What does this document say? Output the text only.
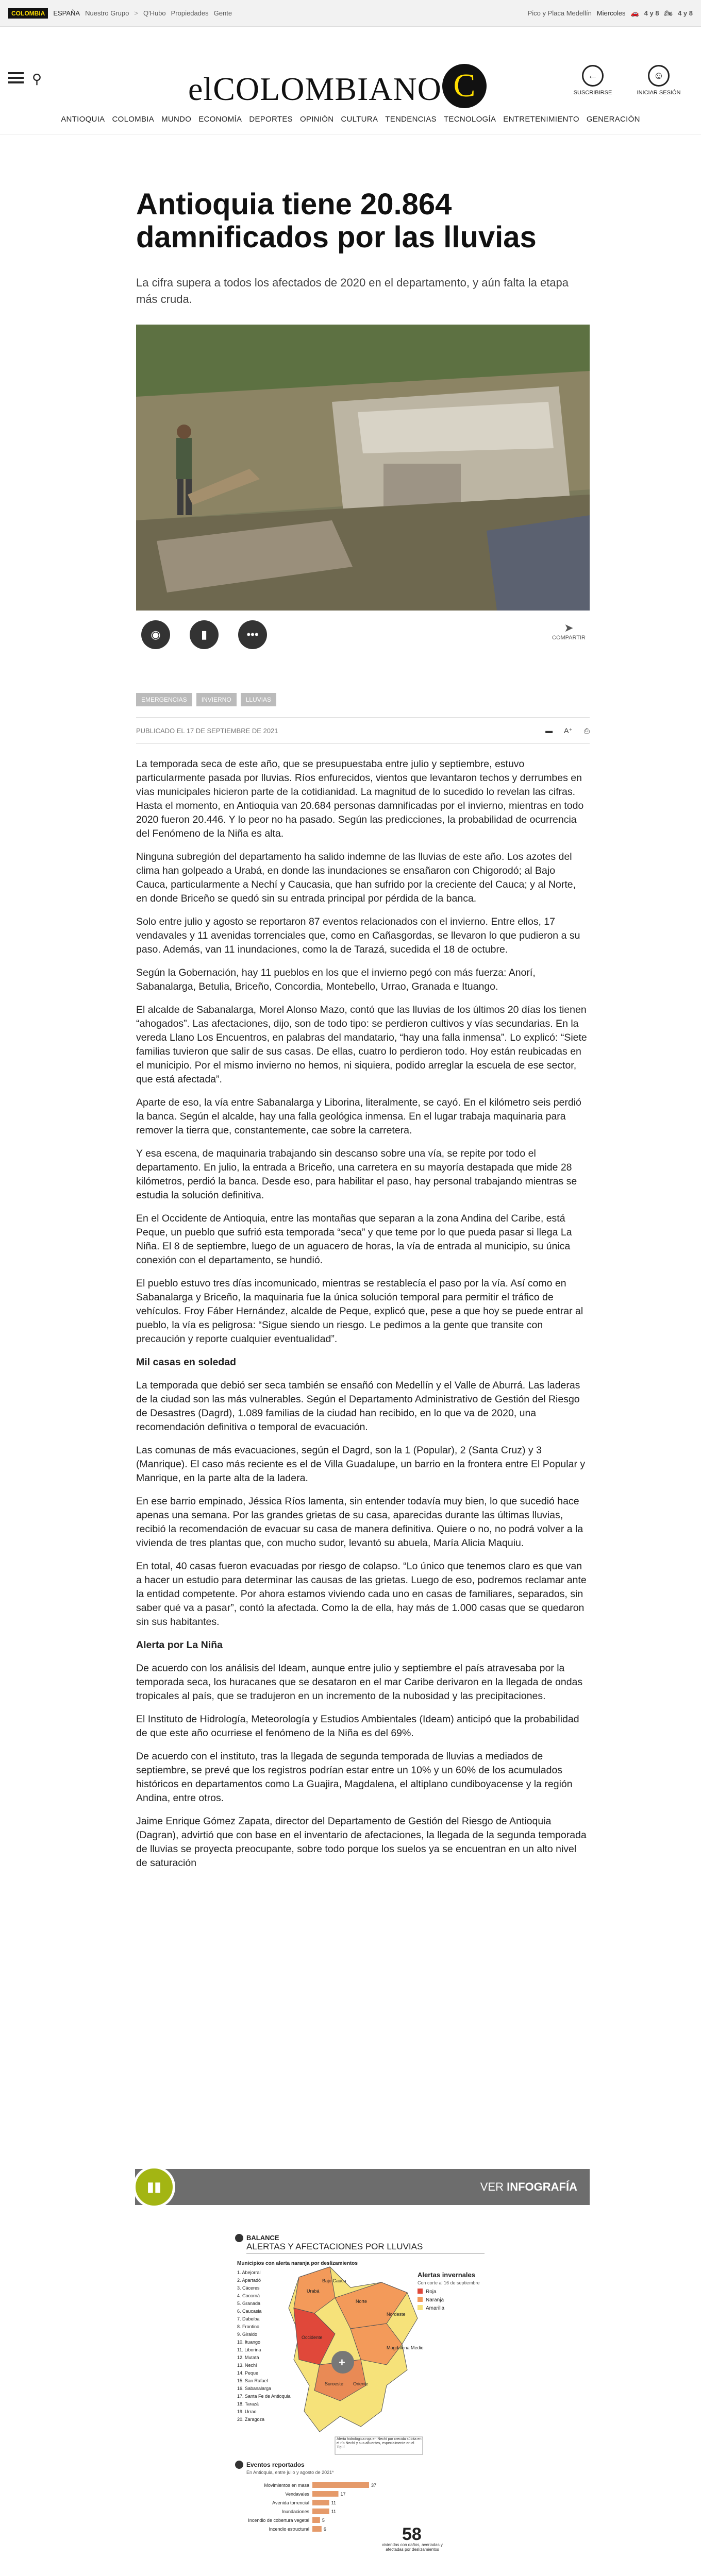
COLOMBIA	ESPAÑA Nuestro Grupo > Q'Hubo Propiedades Gente	Pico y Placa Medellín Miercoles 🚗 4 y 8 🏍 4 y 8
⚲	elCOLOMBIANO C	←
SUSCRIBIRSE
☺
INICIAR SESIÓN
ANTIOQUIA COLOMBIA MUNDO ECONOMÍA DEPORTES OPINIÓN CULTURA TENDENCIAS TECNOLOGÍA ENTRETENIMIENTO GENERACIÓN
Antioquia tiene 20.864 damnificados por las lluvias

La cifra supera a todos los afectados de 2020 en el departamento, y aún falta la etapa más cruda.

◉	▮	•••
➤
COMPARTIR
EMERGENCIAS	INVIERNO	LLUVIAS
PUBLICADO EL 17 DE SEPTIEMBRE DE 2021	▬ A⁺ ⎙

La temporada seca de este año, que se presupuestaba entre julio y septiembre, estuvo particularmente pasada por lluvias. Ríos enfurecidos, vientos que levantaron techos y derrumbes en vías municipales hicieron parte de la cotidianidad. La magnitud de lo sucedido lo revelan las cifras. Hasta el momento, en Antioquia van 20.684 personas damnificadas por el invierno, mientras en todo 2020 fueron 20.446. Y lo peor no ha pasado. Según las predicciones, la probabilidad de ocurrencia del Fenómeno de la Niña es alta.

Ninguna subregión del departamento ha salido indemne de las lluvias de este año. Los azotes del clima han golpeado a Urabá, en donde las inundaciones se ensañaron con Chigorodó; al Bajo Cauca, particularmente a Nechí y Caucasia, que han sufrido por la creciente del Cauca; y al Norte, en donde Briceño se quedó sin su entrada principal por pérdida de la banca.

Solo entre julio y agosto se reportaron 87 eventos relacionados con el invierno. Entre ellos, 17 vendavales y 11 avenidas torrenciales que, como en Cañasgordas, se llevaron lo que pudieron a su paso. Además, van 11 inundaciones, como la de Tarazá, sucedida el 18 de octubre.

Según la Gobernación, hay 11 pueblos en los que el invierno pegó con más fuerza: Anorí, Sabanalarga, Betulia, Briceño, Concordia, Montebello, Urrao, Granada e Ituango.

El alcalde de Sabanalarga, Morel Alonso Mazo, contó que las lluvias de los últimos 20 días los tienen “ahogados”. Las afectaciones, dijo, son de todo tipo: se perdieron cultivos y vías secundarias. En la vereda Llano Los Encuentros, en palabras del mandatario, “hay una falla inmensa”. Lo explicó: “Siete familias tuvieron que salir de sus casas. De ellas, cuatro lo perdieron todo. Hoy están reubicadas en el municipio. Por el mismo invierno no hemos, ni siquiera, podido arreglar la escuela de ese sector, que está afectada”.

Aparte de eso, la vía entre Sabanalarga y Liborina, literalmente, se cayó. En el kilómetro seis perdió la banca. Según el alcalde, hay una falla geológica inmensa. En el lugar trabaja maquinaria para remover la tierra que, constantemente, cae sobre la carretera.

Y esa escena, de maquinaria trabajando sin descanso sobre una vía, se repite por todo el departamento. En julio, la entrada a Briceño, una carretera en su mayoría destapada que mide 28 kilómetros, perdió la banca. Desde eso, para habilitar el paso, hay personal trabajando mientras se estudia la solución definitiva.

En el Occidente de Antioquia, entre las montañas que separan a la zona Andina del Caribe, está Peque, un pueblo que sufrió esta temporada “seca” y que teme por lo que pueda pasar si llega La Niña. El 8 de septiembre, luego de un aguacero de horas, la vía de entrada al municipio, su única conexión con el departamento, se hundió.

El pueblo estuvo tres días incomunicado, mientras se restablecía el paso por la vía. Así como en Sabanalarga y Briceño, la maquinaria fue la única solución temporal para permitir el tráfico de vehículos. Froy Fáber Hernández, alcalde de Peque, explicó que, pese a que hoy se puede entrar al pueblo, la vía es peligrosa: “Sigue siendo un riesgo. Le pedimos a la gente que transite con precaución y reporte cualquier eventualidad”.

Mil casas en soledad

La temporada que debió ser seca también se ensañó con Medellín y el Valle de Aburrá. Las laderas de la ciudad son las más vulnerables. Según el Departamento Administrativo de Gestión del Riesgo de Desastres (Dagrd), 1.089 familias de la ciudad han recibido, en lo que va de 2020, una recomendación definitiva o temporal de evacuación.

Las comunas de más evacuaciones, según el Dagrd, son la 1 (Popular), 2 (Santa Cruz) y 3 (Manrique). El caso más reciente es el de Villa Guadalupe, un barrio en la frontera entre El Popular y Manrique, en la parte alta de la ladera.

En ese barrio empinado, Jéssica Ríos lamenta, sin entender todavía muy bien, lo que sucedió hace apenas una semana. Por las grandes grietas de su casa, aparecidas durante las últimas lluvias, recibió la recomendación de evacuar su casa de manera definitiva. Quiere o no, no podrá volver a la vivienda de tres plantas que, con mucho sudor, levantó su abuela, María Alicia Maquiu.

En total, 40 casas fueron evacuadas por riesgo de colapso. “Lo único que tenemos claro es que van a hacer un estudio para determinar las causas de las grietas. Luego de eso, podremos reclamar ante la entidad competente. Por ahora estamos viviendo cada uno en casas de familiares, separados, sin saber qué va a pasar”, contó la afectada. Como la de ella, hay más de 1.000 casas que se quedaron sin sus habitantes.

Alerta por La Niña

De acuerdo con los análisis del Ideam, aunque entre julio y septiembre el país atravesaba por la temporada seca, los huracanes que se desataron en el mar Caribe derivaron en la llegada de ondas tropicales al país, que se tradujeron en un incremento de la nubosidad y las precipitaciones.

El Instituto de Hidrología, Meteorología y Estudios Ambientales (Ideam) anticipó que la probabilidad de que este año ocurriese el fenómeno de la Niña es del 69%.

De acuerdo con el instituto, tras la llegada de segunda temporada de lluvias a mediados de septiembre, se prevé que los registros podrían estar entre un 10% y un 60% de los acumulados históricos en departamentos como La Guajira, Magdalena, el altiplano cundiboyacense y la región Andina, entre otros.

Jaime Enrique Gómez Zapata, director del Departamento de Gestión del Riesgo de Antioquia (Dagran), advirtió que con base en el inventario de afectaciones, la llegada de la segunda temporada de lluvias se proyecta preocupante, sobre todo porque los suelos ya se encuentran en un alto nivel de saturación

▮▮	VER INFOGRAFÍA
BALANCE
ALERTAS Y AFECTACIONES POR LLUVIAS
Municipios con alerta naranja por deslizamientos
1. Abejorral
2. Apartadó
3. Cáceres
4. Cocorná
5. Granada
6. Caucasia
7. Dabeiba
8. Frontino
9. Giraldo
10. Ituango
11. Liborina
12. Mutatá
13. Nechí
14. Peque
15. San Rafael
16. Sabanalarga
17. Santa Fe de Antioquia
18. Tarazá
19. Urrao
20. Zaragoza
+
Urabá
Norte
Nordeste
Occidente
Magdalena Medio
Oriente
Suroeste
Bajo Cauca
Alertas invernales
Con corte al 16 de septiembre
Roja
Naranja
Amarilla
Alerta hidrológica roja en Nechí por crecida súbita en el río Nechí y sus afluentes, especialmente en el Tigüí
Eventos reportados
En Antioquia, entre julio y agosto de 2021*
Movimientos en masa	37
Vendavales	17
Avenida torrencial	11
Inundaciones	11
Incendio de cobertura vegetal	5
Incendio estructural	6	58
viviendas con daños, averiadas y afectadas por deslizamientos
